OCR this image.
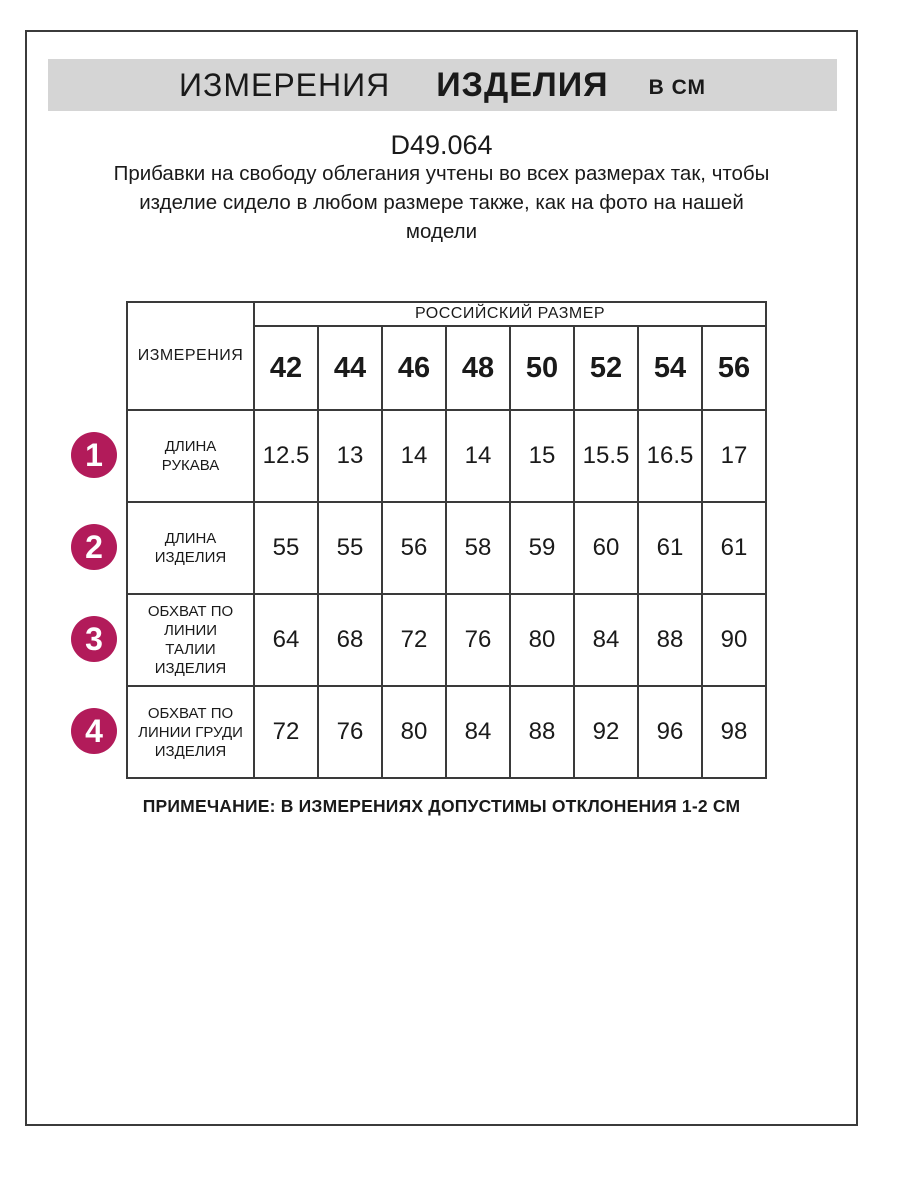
ИЗМЕРЕНИЯ ИЗДЕЛИЯ В СМ
D49.064
Прибавки на свободу облегания учтены во всех размерах так, чтобы
изделие сидело в любом размере также, как на фото на нашей
модели
ИЗМЕРЕНИЯ	РОССИЙСКИЙ РАЗМЕР							
	42	44	46	48	50	52	54	56
ДЛИНА РУКАВА	12.5	13	14	14	15	15.5	16.5	17
ДЛИНА ИЗДЕЛИЯ	55	55	56	58	59	60	61	61
ОБХВАТ ПО ЛИНИИ ТАЛИИ ИЗДЕЛИЯ	64	68	72	76	80	84	88	90
ОБХВАТ ПО ЛИНИИ ГРУДИ ИЗДЕЛИЯ	72	76	80	84	88	92	96	98
1
2
3
4
ПРИМЕЧАНИЕ: В ИЗМЕРЕНИЯХ ДОПУСТИМЫ ОТКЛОНЕНИЯ 1-2 СМ
